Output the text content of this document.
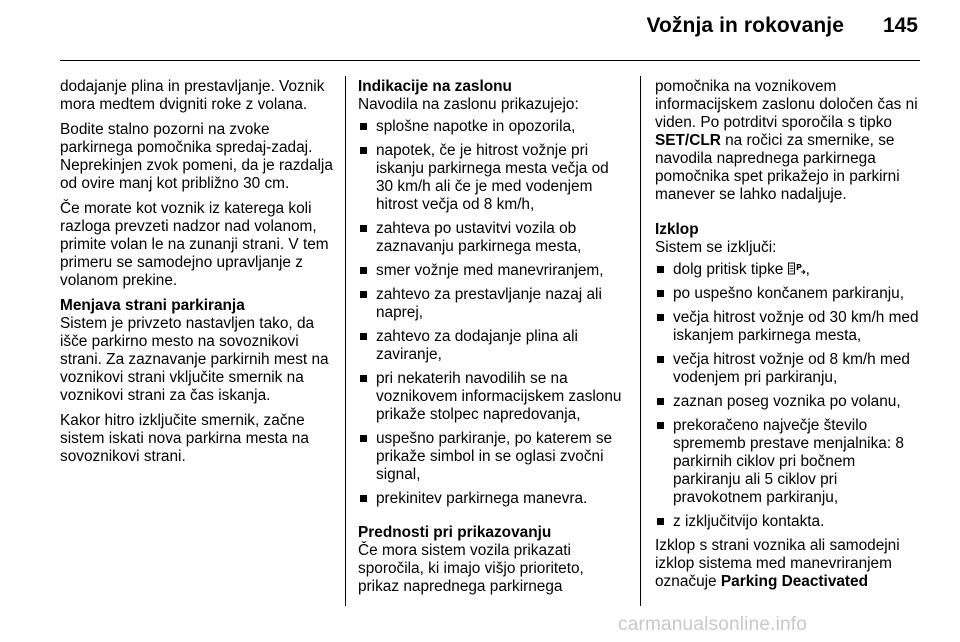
Vožnja in rokovanje 145

dodajanje plina in prestavljanje. Voznik mora medtem dvigniti roke z volana.

Bodite stalno pozorni na zvoke parkirnega pomočnika spredaj-zadaj. Neprekinjen zvok pomeni, da je razdalja od ovire manj kot približno 30 cm.

Če morate kot voznik iz katerega koli razloga prevzeti nadzor nad volanom, primite volan le na zunanji strani. V tem primeru se samodejno upravljanje z volanom prekine.

Menjava strani parkiranja

Sistem je privzeto nastavljen tako, da išče parkirno mesto na sovoznikovi strani. Za zaznavanje parkirnih mest na voznikovi strani vključite smernik na voznikovi strani za čas iskanja.

Kakor hitro izključite smernik, začne sistem iskati nova parkirna mesta na sovoznikovi strani.

Indikacije na zaslonu
Navodila na zaslonu prikazujejo:
splošne napotke in opozorila,
napotek, če je hitrost vožnje pri iskanju parkirnega mesta večja od 30 km/h ali če je med vodenjem hitrost večja od 8 km/h,
zahteva po ustavitvi vozila ob zaznavanju parkirnega mesta,
smer vožnje med manevriranjem,
zahtevo za prestavljanje nazaj ali naprej,
zahtevo za dodajanje plina ali zaviranje,
pri nekaterih navodilih se na voznikovem informacijskem zaslonu prikaže stolpec napredovanja,
uspešno parkiranje, po katerem se prikaže simbol in se oglasi zvočni signal,
prekinitev parkirnega manevra.
Prednosti pri prikazovanju

Če mora sistem vozila prikazati sporočila, ki imajo višjo prioriteto, prikaz naprednega parkirnega

pomočnika na voznikovem informacijskem zaslonu določen čas ni viden. Po potrditvi sporočila s tipko SET/CLR na ročici za smernike, se navodila naprednega parkirnega pomočnika spet prikažejo in parkirni manever se lahko nadaljuje.

Izklop
Sistem se izključi:
dolg pritisk tipke P ,
po uspešno končanem parkiranju,
večja hitrost vožnje od 30 km/h med iskanjem parkirnega mesta,
večja hitrost vožnje od 8 km/h med vodenjem pri parkiranju,
zaznan poseg voznika po volanu,
prekoračeno največje število sprememb prestave menjalnika: 8 parkirnih ciklov pri bočnem parkiranju ali 5 ciklov pri pravokotnem parkiranju,
z izključitvijo kontakta.

Izklop s strani voznika ali samodejni izklop sistema med manevriranjem označuje Parking Deactivated

carmanualsonline.info
